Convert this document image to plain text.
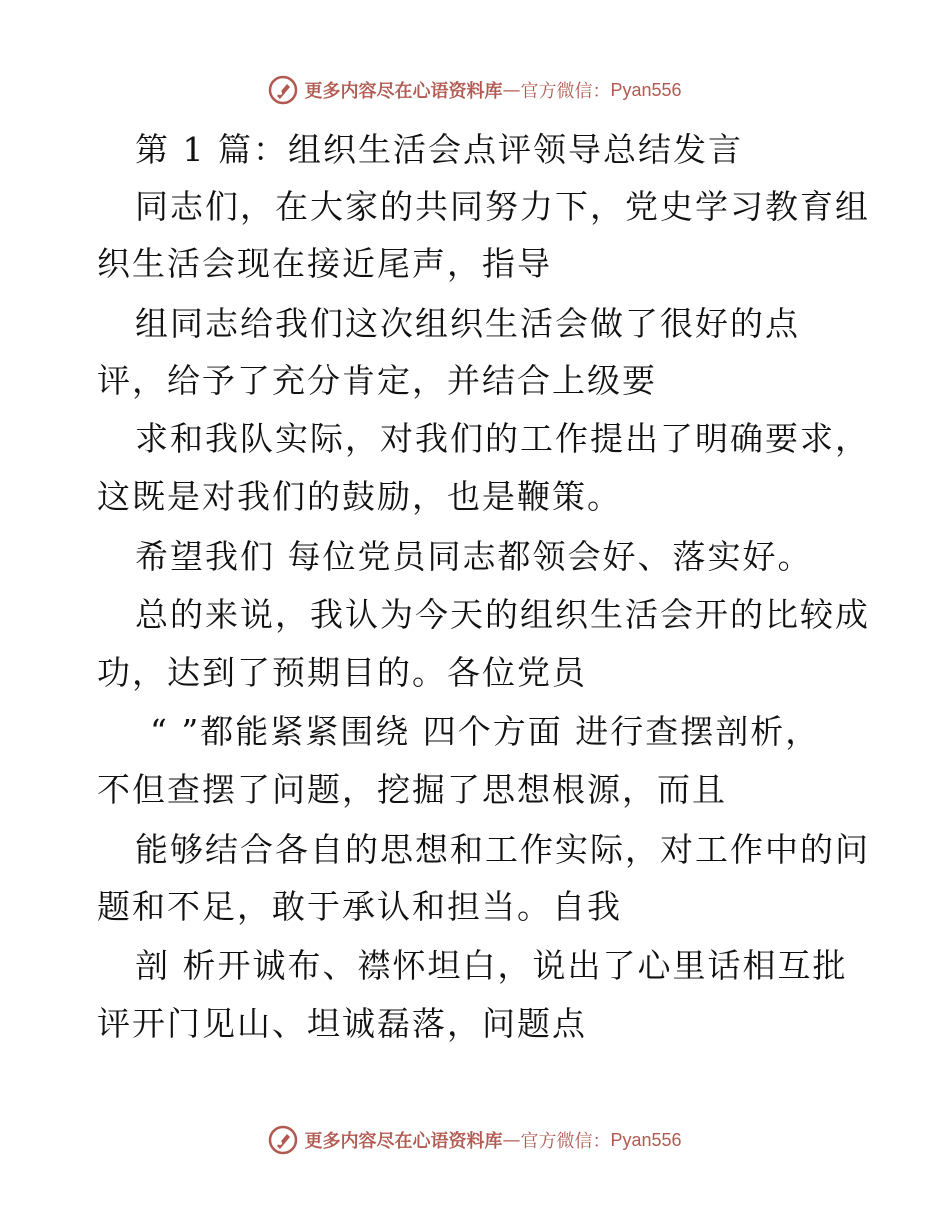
更多内容尽在心语资料库 — 官方微信： Pyan556
第 1 篇：组织生活会点评领导总结发言
同志们，在大家的共同努力下，党史学习教育组
织生活会现在接近尾声，指导
组同志给我们这次组织生活会做了很好的点
评，给予了充分肯定，并结合上级要
求和我队实际，对我们的工作提出了明确要求，
这既是对我们的鼓励，也是鞭策。
希望我们 每位党员同志都领会好、落实好。
总的来说，我认为今天的组织生活会开的比较成
功，达到了预期目的。各位党员
“ ”都能紧紧围绕 四个方面 进行查摆剖析，
不但查摆了问题，挖掘了思想根源，而且
能够结合各自的思想和工作实际，对工作中的问
题和不足，敢于承认和担当。自我
剖 析开诚布、襟怀坦白，说出了心里话相互批
评开门见山、坦诚磊落，问题点
更多内容尽在心语资料库 — 官方微信： Pyan556
